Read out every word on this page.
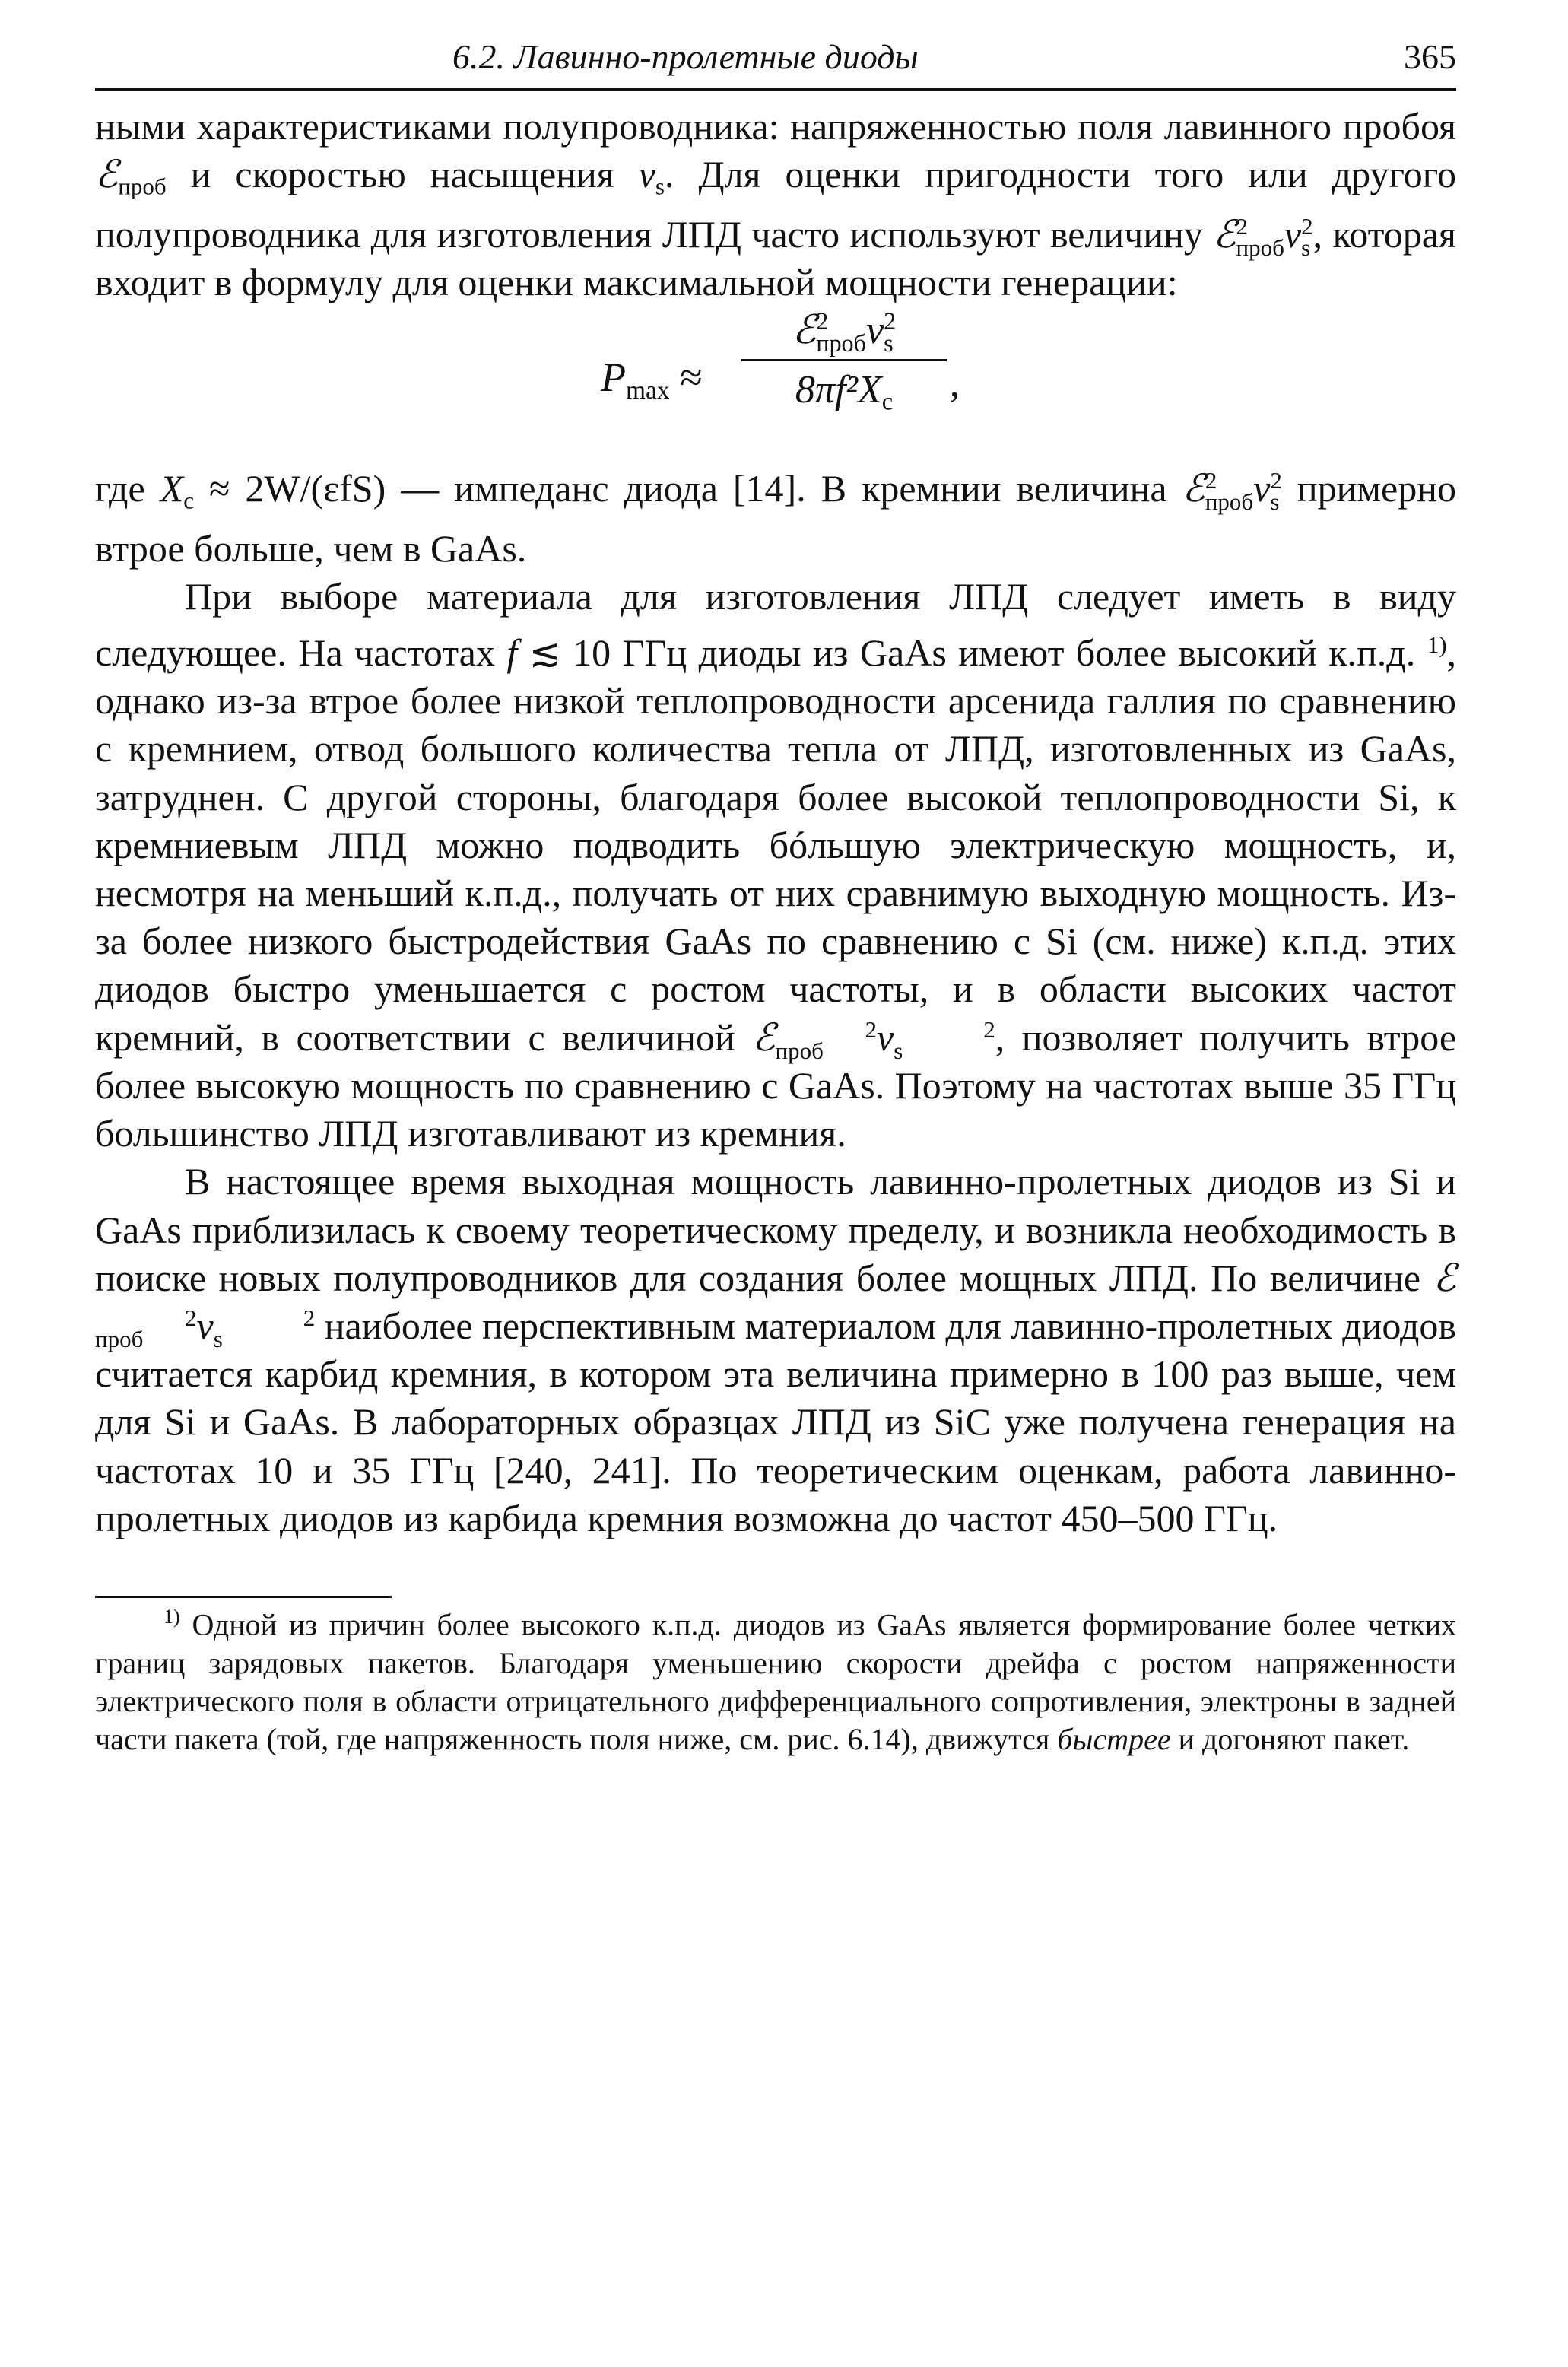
6.2. Лавинно-пролетные диоды	365

ными характеристиками полупроводника: напряженностью поля лавинного пробоя ℰ$_{проб}$ и скоростью насыщения $v_s$. Для оценки пригодности того или другого полупроводника для изготовления ЛПД часто используют величину ℰ2
пробv2
s, которая входит в формулу для оценки максимальной мощности генерации:

$P_{max}$ ≈
ℰ2
пробv2
s
$8\pi f^2X_c$	,

где $X_c \approx 2W/(\varepsilon fS)$ — импеданс диода [14]. В кремнии величина ℰ2
пробv2
s примерно втрое больше, чем в GaAs.

При выборе материала для изготовления ЛПД следует иметь в виду следующее. На частотах f ≲ 10 ГГц диоды из GaAs имеют более высокий к.п.д. $^{1)}$, однако из-за втрое более низкой теплопроводности арсенида галлия по сравнению с кремнием, отвод большого количества тепла от ЛПД, изготовленных из GaAs, затруднен. С другой стороны, благодаря более высокой теплопроводности Si, к кремниевым ЛПД можно подводить бóльшую электрическую мощность, и, несмотря на меньший к.п.д., получать от них сравнимую выходную мощность. Из-за более низкого быстродействия GaAs по сравнению с Si (см. ниже) к.п.д. этих диодов быстро уменьшается с ростом частоты, и в области высоких частот кремний, в соответствии с величиной ℰ	2
проб v	2
s , позволяет получить втрое более высокую мощность по сравнению с GaAs. Поэтому на частотах выше 35 ГГц большинство ЛПД изготавливают из кремния.

В настоящее время выходная мощность лавинно-пролетных диодов из Si и GaAs приблизилась к своему теоретическому пределу, и возникла необходимость в поиске новых полупроводников для создания более мощных ЛПД. По величине ℰ2
проб v	2
s наиболее перспективным материалом для лавинно-пролетных диодов считается карбид кремния, в котором эта величина примерно в 100 раз выше, чем для Si и GaAs. В лабораторных образцах ЛПД из SiC уже получена генерация на частотах 10 и 35 ГГц [240, 241]. По теоретическим оценкам, работа лавинно-пролетных диодов из карбида кремния возможна до частот 450–500 ГГц.

$^{1)}$ Одной из причин более высокого к.п.д. диодов из GaAs является формирование более четких границ зарядовых пакетов. Благодаря уменьшению скорости дрейфа с ростом напряженности электрического поля в области отрицательного дифференциального сопротивления, электроны в задней части пакета (той, где напряженность поля ниже, см. рис. 6.14), движутся быстрее и догоняют пакет.
